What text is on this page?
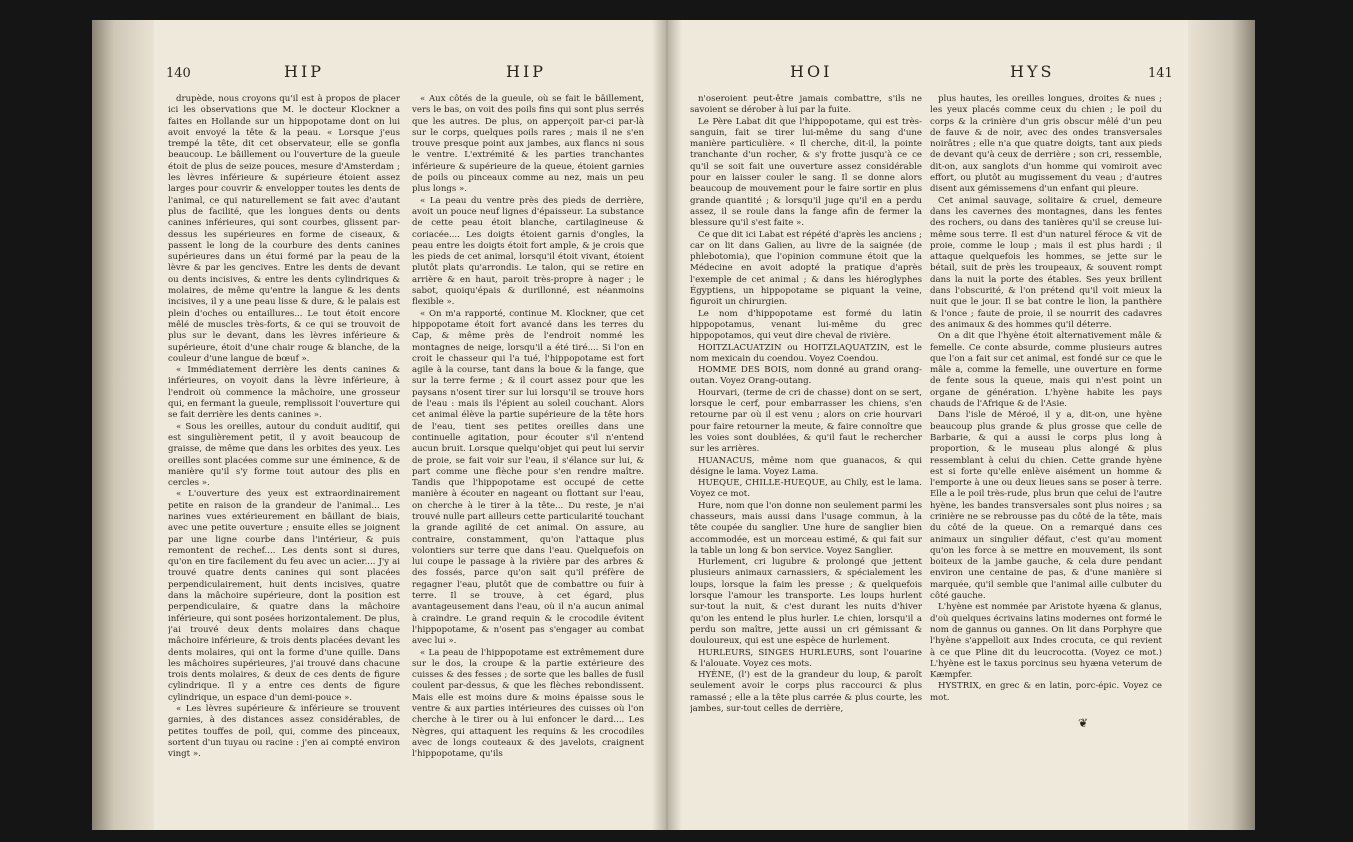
140	HIP	HIP

drupède, nous croyons qu'il est à propos de placer ici les observations que M. le docteur Klockner a faites en Hollande sur un hippopotame dont on lui avoit envoyé la tête & la peau. « Lorsque j'eus trempé la tête, dit cet observateur, elle se gonfla beaucoup. Le bâillement ou l'ouverture de la gueule étoit de plus de seize pouces, mesure d'Amsterdam ; les lèvres inférieure & supérieure étoient assez larges pour couvrir & envelopper toutes les dents de l'animal, ce qui naturellement se fait avec d'autant plus de facilité, que les longues dents ou dents canines inférieures, qui sont courbes, glissent par-dessus les supérieures en forme de ciseaux, & passent le long de la courbure des dents canines supérieures dans un étui formé par la peau de la lèvre & par les gencives. Entre les dents de devant ou dents incisives, & entre les dents cylindriques & molaires, de même qu'entre la langue & les dents incisives, il y a une peau lisse & dure, & le palais est plein d'oches ou entaillures... Le tout étoit encore mêlé de muscles très-forts, & ce qui se trouvoit de plus sur le devant, dans les lèvres inférieure & supérieure, étoit d'une chair rouge & blanche, de la couleur d'une langue de bœuf ».

« Immédiatement derrière les dents canines & inférieures, on voyoit dans la lèvre inférieure, à l'endroit où commence la mâchoire, une grosseur qui, en fermant la gueule, remplissoit l'ouverture qui se fait derrière les dents canines ».

« Sous les oreilles, autour du conduit auditif, qui est singulièrement petit, il y avoit beaucoup de graisse, de même que dans les orbites des yeux. Les oreilles sont placées comme sur une éminence, & de manière qu'il s'y forme tout autour des plis en cercles ».

« L'ouverture des yeux est extraordinairement petite en raison de la grandeur de l'animal... Les narines vues extérieurement en bâillant de biais, avec une petite ouverture ; ensuite elles se joignent par une ligne courbe dans l'intérieur, & puis remontent de rechef.... Les dents sont si dures, qu'on en tire facilement du feu avec un acier.... J'y ai trouvé quatre dents canines qui sont placées perpendiculairement, huit dents incisives, quatre dans la mâchoire supérieure, dont la position est perpendiculaire, & quatre dans la mâchoire inférieure, qui sont posées horizontalement. De plus, j'ai trouvé deux dents molaires dans chaque mâchoire inférieure, & trois dents placées devant les dents molaires, qui ont la forme d'une quille. Dans les mâchoires supérieures, j'ai trouvé dans chacune trois dents molaires, & deux de ces dents de figure cylindrique. Il y a entre ces dents de figure cylindrique, un espace d'un demi-pouce ».

« Les lèvres supérieure & inférieure se trouvent garnies, à des distances assez considérables, de petites touffes de poil, qui, comme des pinceaux, sortent d'un tuyau ou racine : j'en ai compté environ vingt ».

« Aux côtés de la gueule, où se fait le bâillement, vers le bas, on voit des poils fins qui sont plus serrés que les autres. De plus, on apperçoit par-ci par-là sur le corps, quelques poils rares ; mais il ne s'en trouve presque point aux jambes, aux flancs ni sous le ventre. L'extrémité & les parties tranchantes inférieure & supérieure de la queue, étoient garnies de poils ou pinceaux comme au nez, mais un peu plus longs ».

« La peau du ventre près des pieds de derrière, avoit un pouce neuf lignes d'épaisseur. La substance de cette peau étoit blanche, cartilagineuse & coriacée.... Les doigts étoient garnis d'ongles, la peau entre les doigts étoit fort ample, & je crois que les pieds de cet animal, lorsqu'il étoit vivant, étoient plutôt plats qu'arrondis. Le talon, qui se retire en arrière & en haut, paroit très-propre à nager ; le sabot, quoiqu'épais & durillonné, est néanmoins flexible ».

« On m'a rapporté, continue M. Klockner, que cet hippopotame étoit fort avancé dans les terres du Cap, & même près de l'endroit nommé les montagnes de neige, lorsqu'il a été tiré.... Si l'on en croit le chasseur qui l'a tué, l'hippopotame est fort agile à la course, tant dans la boue & la fange, que sur la terre ferme ; & il court assez pour que les paysans n'osent tirer sur lui lorsqu'il se trouve hors de l'eau : mais ils l'épient au soleil couchant. Alors cet animal élève la partie supérieure de la tête hors de l'eau, tient ses petites oreilles dans une continuelle agitation, pour écouter s'il n'entend aucun bruit. Lorsque quelqu'objet qui peut lui servir de proie, se fait voir sur l'eau, il s'élance sur lui, & part comme une flèche pour s'en rendre maître. Tandis que l'hippopotame est occupé de cette manière à écouter en nageant ou flottant sur l'eau, on cherche à le tirer à la tête... Du reste, je n'ai trouvé nulle part ailleurs cette particularité touchant la grande agilité de cet animal. On assure, au contraire, constamment, qu'on l'attaque plus volontiers sur terre que dans l'eau. Quelquefois on lui coupe le passage à la rivière par des arbres & des fossés, parce qu'on sait qu'il préfère de regagner l'eau, plutôt que de combattre ou fuir à terre. Il se trouve, à cet égard, plus avantageusement dans l'eau, où il n'a aucun animal à craindre. Le grand requin & le crocodile évitent l'hippopotame, & n'osent pas s'engager au combat avec lui ».

« La peau de l'hippopotame est extrêmement dure sur le dos, la croupe & la partie extérieure des cuisses & des fesses ; de sorte que les balles de fusil coulent par-dessus, & que les flèches rebondissent. Mais elle est moins dure & moins épaisse sous le ventre & aux parties intérieures des cuisses où l'on cherche à le tirer ou à lui enfoncer le dard.... Les Nègres, qui attaquent les requins & les crocodiles avec de longs couteaux & des javelots, craignent l'hippopotame, qu'ils

HOI	HYS	141

n'oseroient peut-être jamais combattre, s'ils ne savoient se dérober à lui par la fuite.

Le Père Labat dit que l'hippopotame, qui est très-sanguin, fait se tirer lui-même du sang d'une manière particulière. « Il cherche, dit-il, la pointe tranchante d'un rocher, & s'y frotte jusqu'à ce ce qu'il se soit fait une ouverture assez considérable pour en laisser couler le sang. Il se donne alors beaucoup de mouvement pour le faire sortir en plus grande quantité ; & lorsqu'il juge qu'il en a perdu assez, il se roule dans la fange afin de fermer la blessure qu'il s'est faite ».

Ce que dit ici Labat est répété d'après les anciens ; car on lit dans Galien, au livre de la saignée (de phlebotomia), que l'opinion commune étoit que la Médecine en avoit adopté la pratique d'après l'exemple de cet animal ; & dans les hiéroglyphes Égyptiens, un hippopotame se piquant la veine, figuroit un chirurgien.

Le nom d'hippopotame est formé du latin hippopotamus, venant lui-même du grec hippopotamos, qui veut dire cheval de rivière.

HOITZLACUATZIN ou HOITZLAQUATZIN, est le nom mexicain du coendou. Voyez Coendou.

HOMME DES BOIS, nom donné au grand orang-outan. Voyez Orang-outang.

Hourvari, (terme de cri de chasse) dont on se sert, lorsque le cerf, pour embarrasser les chiens, s'en retourne par où il est venu ; alors on crie hourvari pour faire retourner la meute, & faire connoître que les voies sont doublées, & qu'il faut le rechercher sur les arrières.

HUANACUS, même nom que guanacos, & qui désigne le lama. Voyez Lama.

HUEQUE, CHILLE-HUEQUE, au Chily, est le lama. Voyez ce mot.

Hure, nom que l'on donne non seulement parmi les chasseurs, mais aussi dans l'usage commun, à la tête coupée du sanglier. Une hure de sanglier bien accommodée, est un morceau estimé, & qui fait sur la table un long & bon service. Voyez Sanglier.

Hurlement, cri lugubre & prolongé que jettent plusieurs animaux carnassiers, & spécialement les loups, lorsque la faim les presse ; & quelquefois lorsque l'amour les transporte. Les loups hurlent sur-tout la nuit, & c'est durant les nuits d'hiver qu'on les entend le plus hurler. Le chien, lorsqu'il a perdu son maître, jette aussi un cri gémissant & douloureux, qui est une espèce de hurlement.

HURLEURS, SINGES HURLEURS, sont l'ouarine & l'alouate. Voyez ces mots.

HYÈNE, (l') est de la grandeur du loup, & paroît seulement avoir le corps plus raccourci & plus ramassé ; elle a la tête plus carrée & plus courte, les jambes, sur-tout celles de derrière,

plus hautes, les oreilles longues, droites & nues ; les yeux placés comme ceux du chien ; le poil du corps & la crinière d'un gris obscur mêlé d'un peu de fauve & de noir, avec des ondes transversales noirâtres ; elle n'a que quatre doigts, tant aux pieds de devant qu'à ceux de derrière ; son cri, ressemble, dit-on, aux sanglots d'un homme qui vomiroit avec effort, ou plutôt au mugissement du veau ; d'autres disent aux gémissemens d'un enfant qui pleure.

Cet animal sauvage, solitaire & cruel, demeure dans les cavernes des montagnes, dans les fentes des rochers, ou dans des tanières qu'il se creuse lui-même sous terre. Il est d'un naturel féroce & vit de proie, comme le loup ; mais il est plus hardi ; il attaque quelquefois les hommes, se jette sur le bétail, suit de près les troupeaux, & souvent rompt dans la nuit la porte des étables. Ses yeux brillent dans l'obscurité, & l'on prétend qu'il voit mieux la nuit que le jour. Il se bat contre le lion, la panthère & l'once ; faute de proie, il se nourrit des cadavres des animaux & des hommes qu'il déterre.

On a dit que l'hyène étoit alternativement mâle & femelle. Ce conte absurde, comme plusieurs autres que l'on a fait sur cet animal, est fondé sur ce que le mâle a, comme la femelle, une ouverture en forme de fente sous la queue, mais qui n'est point un organe de génération. L'hyène habite les pays chauds de l'Afrique & de l'Asie.

Dans l'isle de Méroé, il y a, dit-on, une hyène beaucoup plus grande & plus grosse que celle de Barbarie, & qui a aussi le corps plus long à proportion, & le museau plus alongé & plus ressemblant à celui du chien. Cette grande hyène est si forte qu'elle enlève aisément un homme & l'emporte à une ou deux lieues sans se poser à terre. Elle a le poil très-rude, plus brun que celui de l'autre hyène, les bandes transversales sont plus noires ; sa crinière ne se rebrousse pas du côté de la tête, mais du côté de la queue. On a remarqué dans ces animaux un singulier défaut, c'est qu'au moment qu'on les force à se mettre en mouvement, ils sont boiteux de la jambe gauche, & cela dure pendant environ une centaine de pas, & d'une manière si marquée, qu'il semble que l'animal aille culbuter du côté gauche.

L'hyène est nommée par Aristote hyæna & glanus, d'où quelques écrivains latins modernes ont formé le nom de gannus ou gannes. On lit dans Porphyre que l'hyène s'appelloit aux Indes crocuta, ce qui revient à ce que Pline dit du leucrocotta. (Voyez ce mot.) L'hyène est le taxus porcinus seu hyæna veterum de Kæmpfer.

HYSTRIX, en grec & en latin, porc-épic. Voyez ce mot.

❦
